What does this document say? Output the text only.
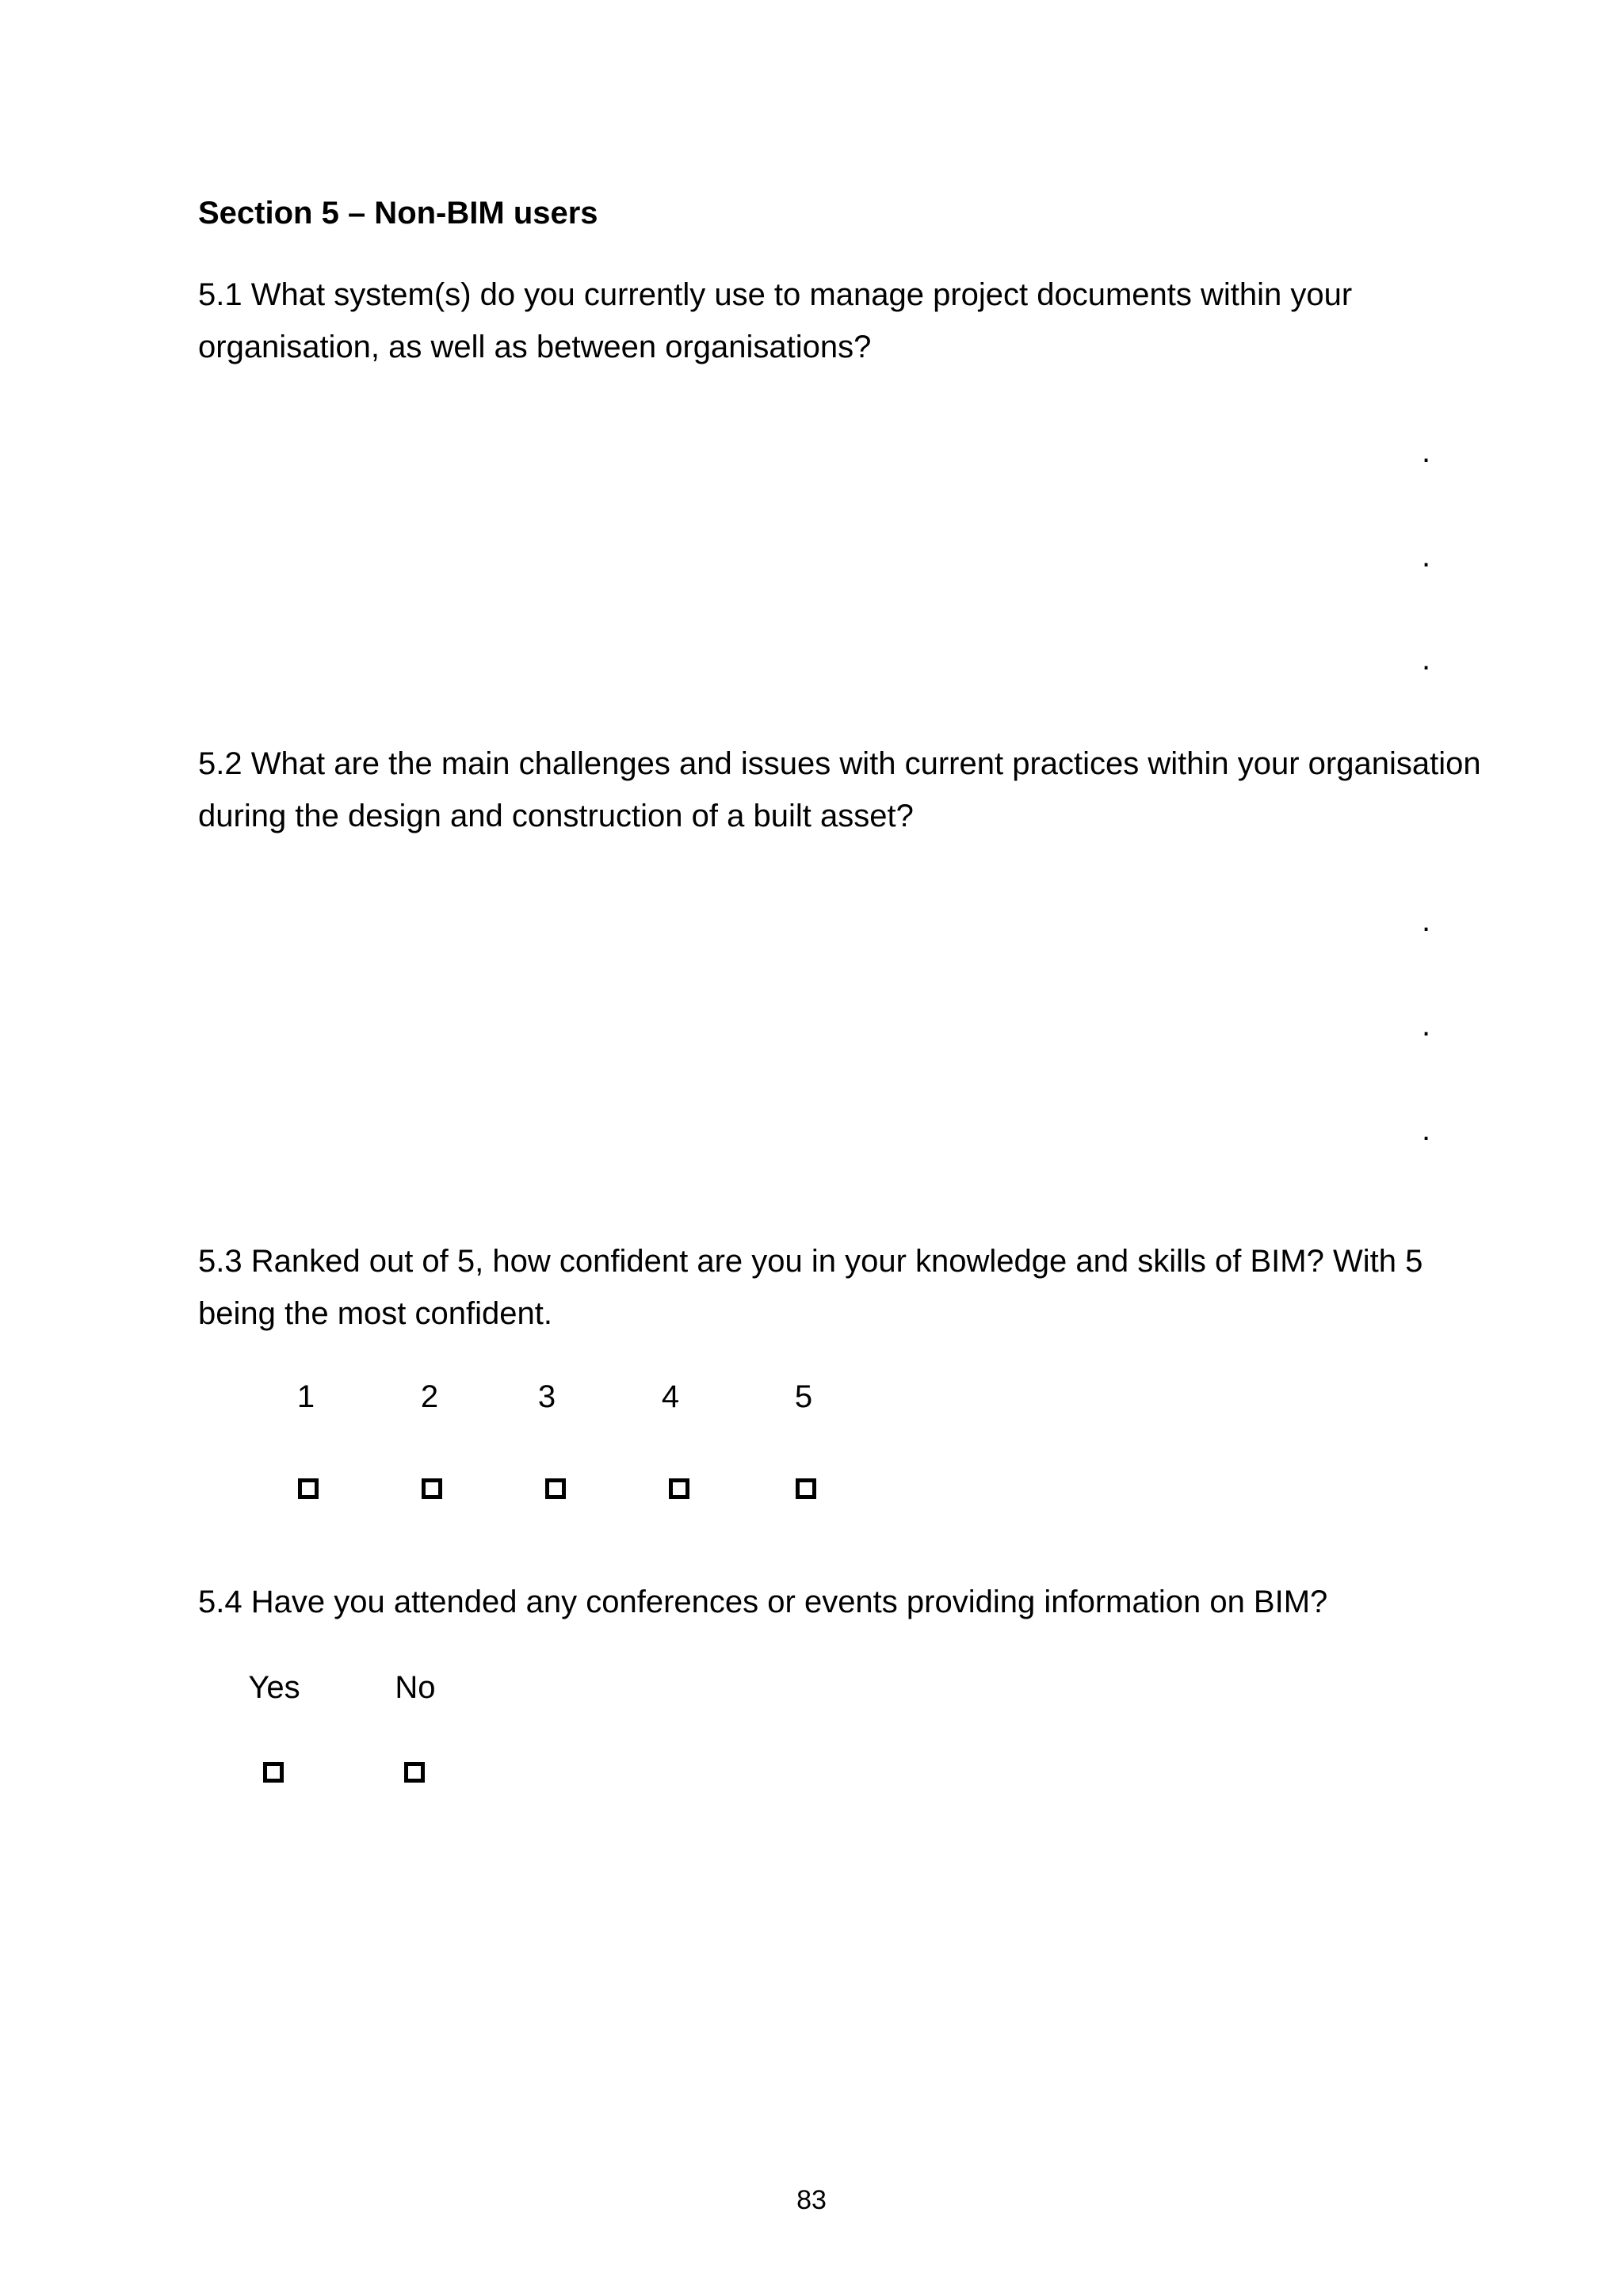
Section 5 – Non-BIM users
5.1 What system(s) do you currently use to manage project documents within your
organisation, as well as between organisations?
.
.
.
5.2 What are the main challenges and issues with current practices within your organisation
during the design and construction of a built asset?
.
.
.
5.3 Ranked out of 5, how confident are you in your knowledge and skills of BIM? With 5
being the most confident.
1	2	3	4	5
5.4 Have you attended any conferences or events providing information on BIM?
Yes	No
83
